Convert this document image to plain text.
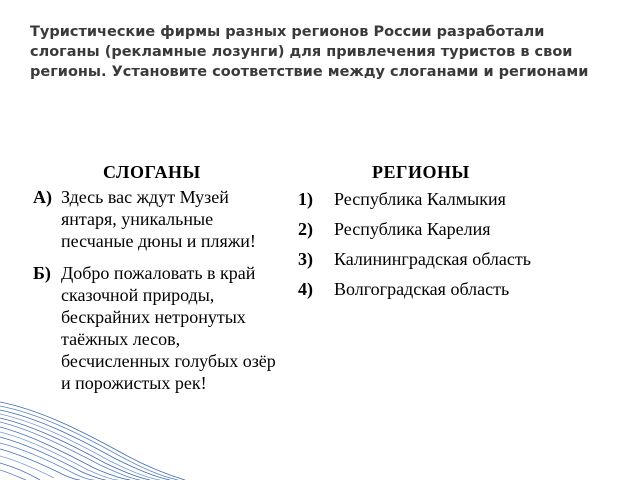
Туристические фирмы разных регионов России разработали слоганы (рекламные лозунги) для привлечения туристов в свои регионы. Установите соответствие между слоганами и регионами
СЛОГАНЫ	РЕГИОНЫ
А) Здесь вас ждут Музей янтаря, уникальные песчаные дюны и пляжи!
Б) Добро пожаловать в край сказочной природы, бескрайних нетронутых таёжных лесов, бесчисленных голубых озёр и порожистых рек!
1)	Республика Калмыкия
2)	Республика Карелия
3)	Калининградская область
4)	Волгоградская область
